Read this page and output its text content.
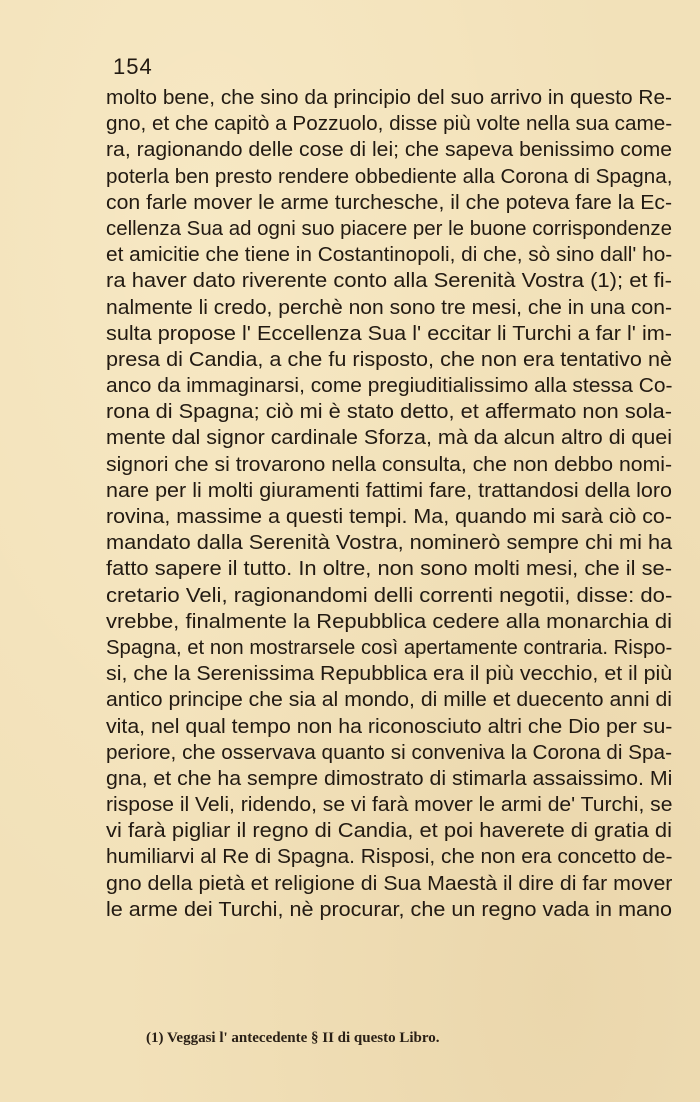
154
molto bene, che sino da principio del suo arrivo in questo Re-
gno, et che capitò a Pozzuolo, disse più volte nella sua came-
ra, ragionando delle cose di lei; che sapeva benissimo come
poterla ben presto rendere obbediente alla Corona di Spagna,
con farle mover le arme turchesche, il che poteva fare la Ec-
cellenza Sua ad ogni suo piacere per le buone corrispondenze
et amicitie che tiene in Costantinopoli, di che, sò sino dall' ho-
ra haver dato riverente conto alla Serenità Vostra (1); et fi-
nalmente li credo, perchè non sono tre mesi, che in una con-
sulta propose l' Eccellenza Sua l' eccitar li Turchi a far l' im-
presa di Candia, a che fu risposto, che non era tentativo nè
anco da immaginarsi, come pregiuditialissimo alla stessa Co-
rona di Spagna; ciò mi è stato detto, et affermato non sola-
mente dal signor cardinale Sforza, mà da alcun altro di quei
signori che si trovarono nella consulta, che non debbo nomi-
nare per li molti giuramenti fattimi fare, trattandosi della loro
rovina, massime a questi tempi. Ma, quando mi sarà ciò co-
mandato dalla Serenità Vostra, nominerò sempre chi mi ha
fatto sapere il tutto. In oltre, non sono molti mesi, che il se-
cretario Veli, ragionandomi delli correnti negotii, disse: do-
vrebbe, finalmente la Repubblica cedere alla monarchia di
Spagna, et non mostrarsele così apertamente contraria. Rispo-
si, che la Serenissima Repubblica era il più vecchio, et il più
antico principe che sia al mondo, di mille et duecento anni di
vita, nel qual tempo non ha riconosciuto altri che Dio per su-
periore, che osservava quanto si conveniva la Corona di Spa-
gna, et che ha sempre dimostrato di stimarla assaissimo. Mi
rispose il Veli, ridendo, se vi farà mover le armi de' Turchi, se
vi farà pigliar il regno di Candia, et poi haverete di gratia di
humiliarvi al Re di Spagna. Risposi, che non era concetto de-
gno della pietà et religione di Sua Maestà il dire di far mover
le arme dei Turchi, nè procurar, che un regno vada in mano
(1) Veggasi l' antecedente § II di questo Libro.
